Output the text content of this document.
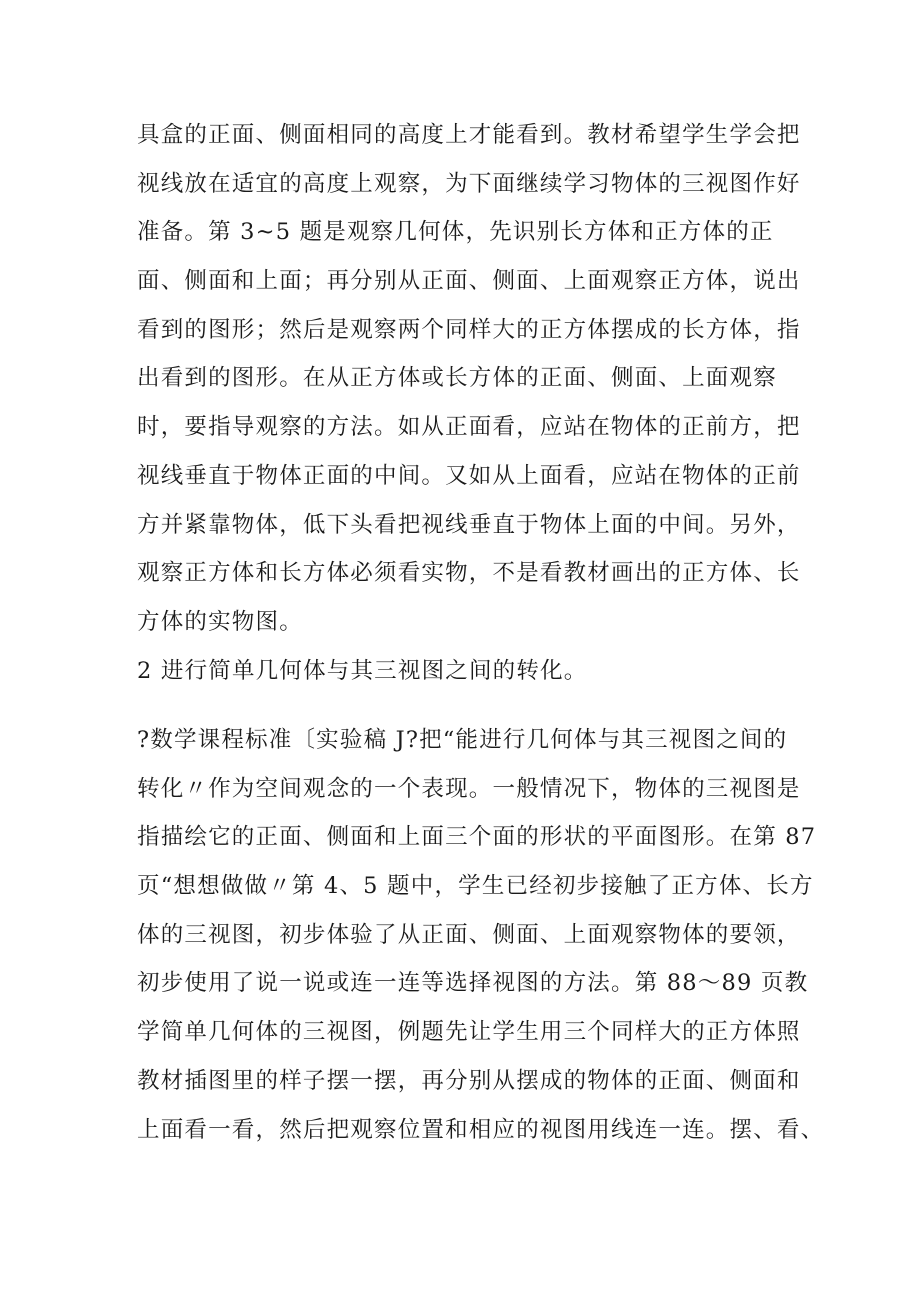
具盒的正面、侧面相同的高度上才能看到。教材希望学生学会把
视线放在适宜的高度上观察，为下面继续学习物体的三视图作好
准备。第 3~5 题是观察几何体，先识别长方体和正方体的正
面、侧面和上面；再分别从正面、侧面、上面观察正方体，说出
看到的图形；然后是观察两个同样大的正方体摆成的长方体，指
出看到的图形。在从正方体或长方体的正面、侧面、上面观察
时，要指导观察的方法。如从正面看，应站在物体的正前方，把
视线垂直于物体正面的中间。又如从上面看，应站在物体的正前
方并紧靠物体，低下头看把视线垂直于物体上面的中间。另外，
观察正方体和长方体必须看实物，不是看教材画出的正方体、长
方体的实物图。
2 进行简单几何体与其三视图之间的转化。
?数学课程标准〔实验稿 J?把“能进行几何体与其三视图之间的
转化〃作为空间观念的一个表现。一般情况下，物体的三视图是
指描绘它的正面、侧面和上面三个面的形状的平面图形。在第 87
页“想想做做〃第 4、5 题中，学生已经初步接触了正方体、长方
体的三视图，初步体验了从正面、侧面、上面观察物体的要领，
初步使用了说一说或连一连等选择视图的方法。第 88～89 页教
学简单几何体的三视图，例题先让学生用三个同样大的正方体照
教材插图里的样子摆一摆，再分别从摆成的物体的正面、侧面和
上面看一看，然后把观察位置和相应的视图用线连一连。摆、看、
